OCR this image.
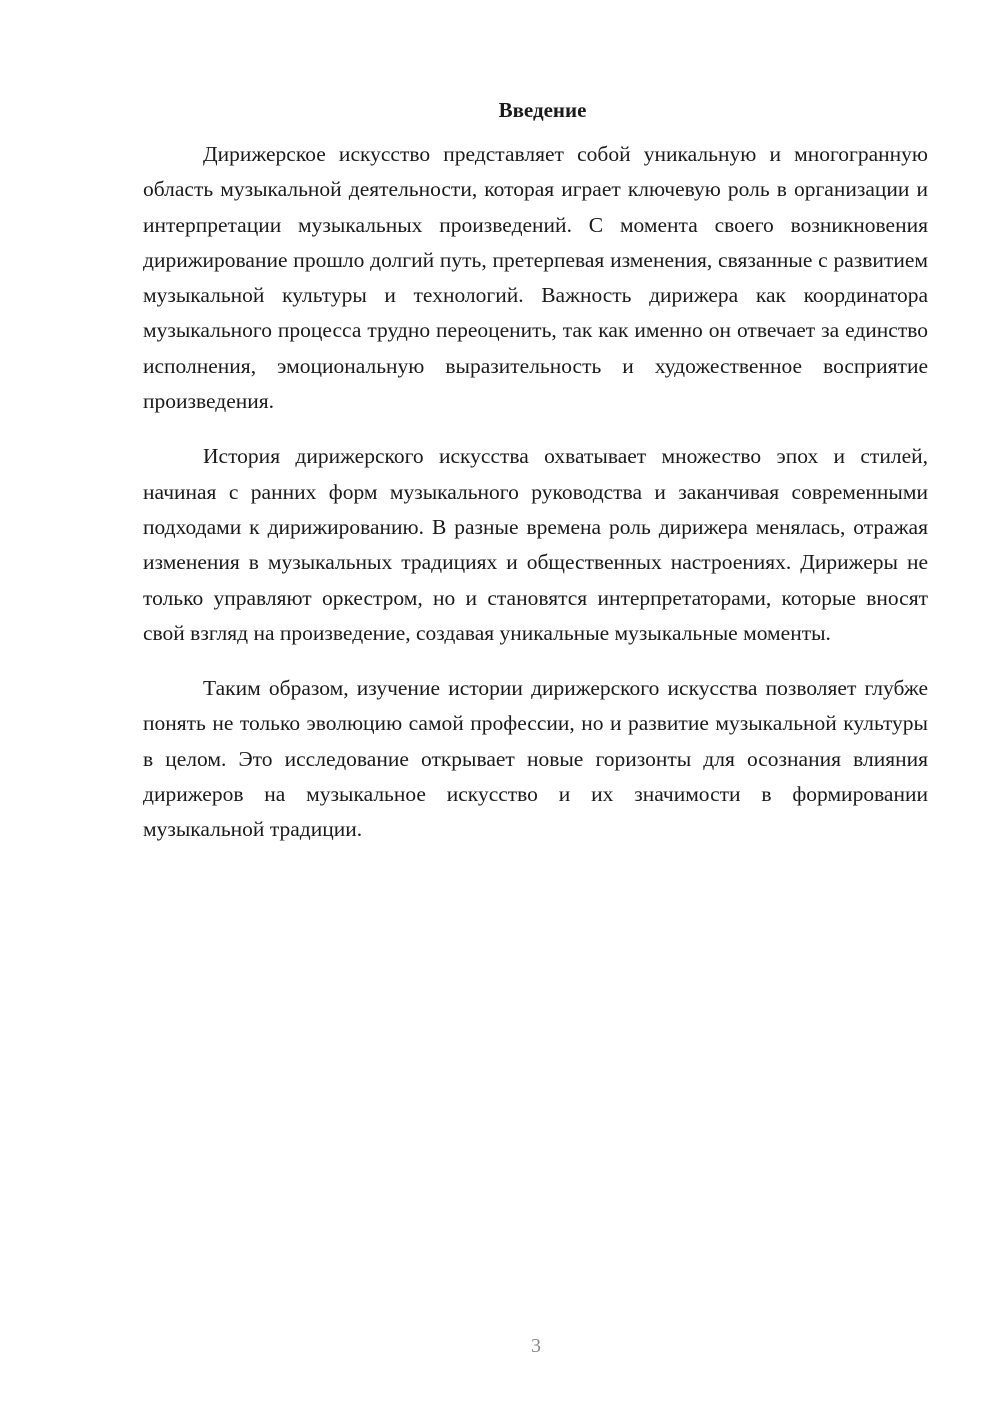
Введение

Дирижерское искусство представляет собой уникальную и многогранную область музыкальной деятельности, которая играет ключевую роль в организации и интерпретации музыкальных произведений. С момента своего возникновения дирижирование прошло долгий путь, претерпевая изменения, связанные с развитием музыкальной культуры и технологий. Важность дирижера как координатора музыкального процесса трудно переоценить, так как именно он отвечает за единство исполнения, эмоциональную выразительность и художественное восприятие произведения.

История дирижерского искусства охватывает множество эпох и стилей, начиная с ранних форм музыкального руководства и заканчивая современными подходами к дирижированию. В разные времена роль дирижера менялась, отражая изменения в музыкальных традициях и общественных настроениях. Дирижеры не только управляют оркестром, но и становятся интерпретаторами, которые вносят свой взгляд на произведение, создавая уникальные музыкальные моменты.

Таким образом, изучение истории дирижерского искусства позволяет глубже понять не только эволюцию самой профессии, но и развитие музыкальной культуры в целом. Это исследование открывает новые горизонты для осознания влияния дирижеров на музыкальное искусство и их значимости в формировании музыкальной традиции.

3
